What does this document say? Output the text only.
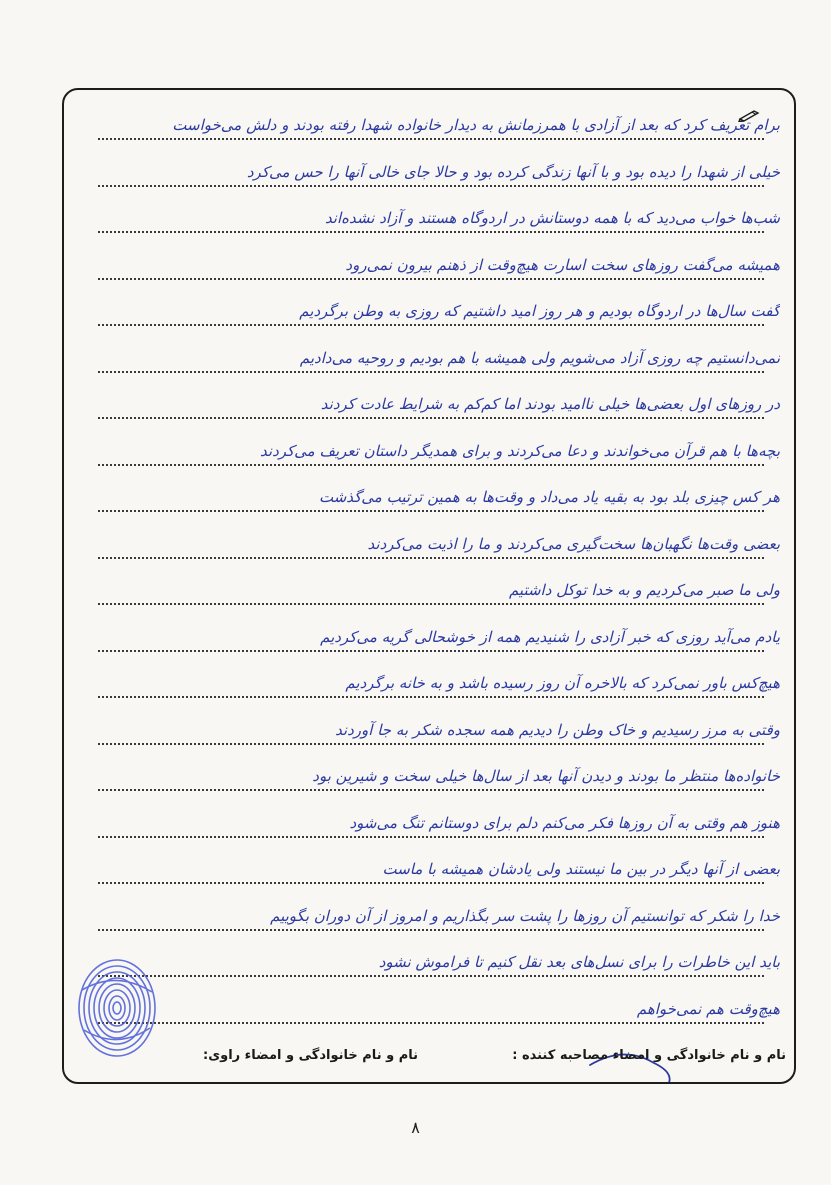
برام تعریف کرد که بعد از آزادی با همرزمانش به دیدار خانواده شهدا رفته بودند و دلش می‌خواست
خیلی از شهدا را دیده بود و با آنها زندگی کرده بود و حالا جای خالی آنها را حس می‌کرد
شب‌ها خواب می‌دید که با همه دوستانش در اردوگاه هستند و آزاد نشده‌اند
همیشه می‌گفت روزهای سخت اسارت هیچ‌وقت از ذهنم بیرون نمی‌رود
گفت سال‌ها در اردوگاه بودیم و هر روز امید داشتیم که روزی به وطن برگردیم
نمی‌دانستیم چه روزی آزاد می‌شویم ولی همیشه با هم بودیم و روحیه می‌دادیم
در روزهای اول بعضی‌ها خیلی ناامید بودند اما کم‌کم به شرایط عادت کردند
بچه‌ها با هم قرآن می‌خواندند و دعا می‌کردند و برای همدیگر داستان تعریف می‌کردند
هر کس چیزی بلد بود به بقیه یاد می‌داد و وقت‌ها به همین ترتیب می‌گذشت
بعضی وقت‌ها نگهبان‌ها سخت‌گیری می‌کردند و ما را اذیت می‌کردند
ولی ما صبر می‌کردیم و به خدا توکل داشتیم
یادم می‌آید روزی که خبر آزادی را شنیدیم همه از خوشحالی گریه می‌کردیم
هیچ‌کس باور نمی‌کرد که بالاخره آن روز رسیده باشد و به خانه برگردیم
وقتی به مرز رسیدیم و خاک وطن را دیدیم همه سجده شکر به جا آوردند
خانواده‌ها منتظر ما بودند و دیدن آنها بعد از سال‌ها خیلی سخت و شیرین بود
هنوز هم وقتی به آن روزها فکر می‌کنم دلم برای دوستانم تنگ می‌شود
بعضی از آنها دیگر در بین ما نیستند ولی یادشان همیشه با ماست
خدا را شکر که توانستیم آن روزها را پشت سر بگذاریم و امروز از آن دوران بگوییم
باید این خاطرات را برای نسل‌های بعد نقل کنیم تا فراموش نشود
هیچ‌وقت هم نمی‌خواهم
نام و نام خانوادگی و امضاء مصاحبه کننده :
نام و نام خانوادگی و امضاء راوی:
۸
